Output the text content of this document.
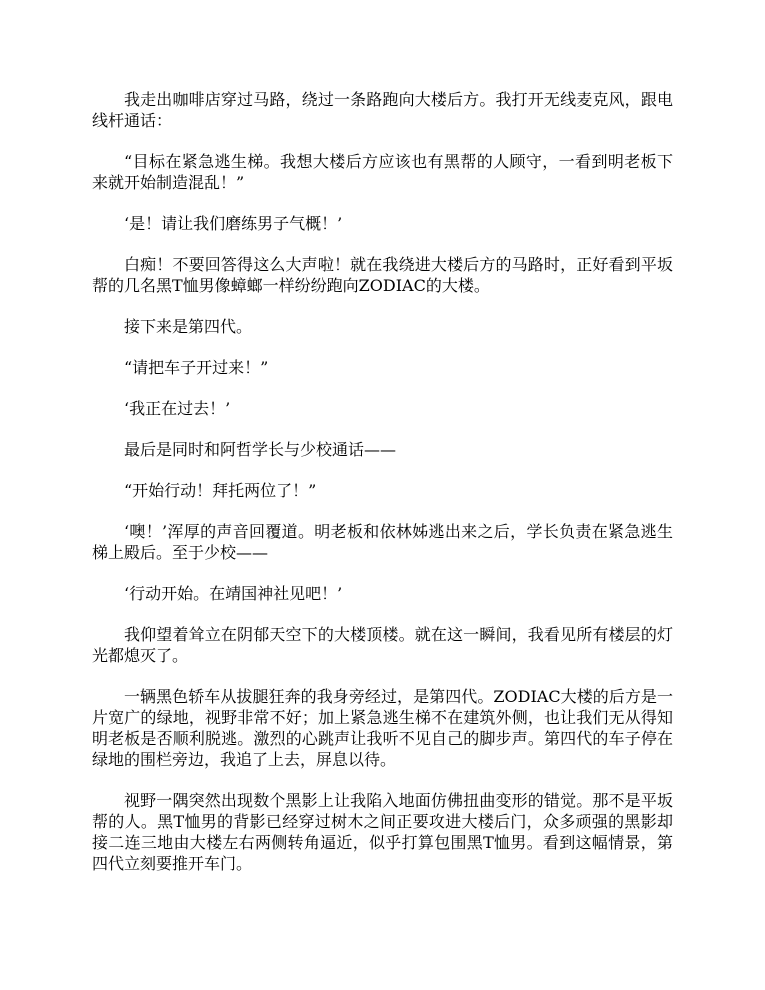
我走出咖啡店穿过马路，绕过一条路跑向大楼后方。我打开无线麦克风，跟电线杆通话：

“目标在紧急逃生梯。我想大楼后方应该也有黑帮的人顾守，一看到明老板下来就开始制造混乱！”

‘是！请让我们磨练男子气概！’

白痴！不要回答得这么大声啦！就在我绕进大楼后方的马路时，正好看到平坂帮的几名黑T恤男像蟑螂一样纷纷跑向ZODIAC的大楼。

接下来是第四代。

“请把车子开过来！”

‘我正在过去！’

最后是同时和阿哲学长与少校通话——

“开始行动！拜托两位了！”

‘噢！’浑厚的声音回覆道。明老板和依林姊逃出来之后，学长负责在紧急逃生梯上殿后。至于少校——

‘行动开始。在靖国神社见吧！’

我仰望着耸立在阴郁天空下的大楼顶楼。就在这一瞬间，我看见所有楼层的灯光都熄灭了。

一辆黑色轿车从拔腿狂奔的我身旁经过，是第四代。ZODIAC大楼的后方是一片宽广的绿地，视野非常不好；加上紧急逃生梯不在建筑外侧，也让我们无从得知明老板是否顺利脱逃。激烈的心跳声让我听不见自己的脚步声。第四代的车子停在绿地的围栏旁边，我追了上去，屏息以待。

视野一隅突然出现数个黑影上让我陷入地面仿佛扭曲变形的错觉。那不是平坂帮的人。黑T恤男的背影已经穿过树木之间正要攻进大楼后门，众多顽强的黑影却接二连三地由大楼左右两侧转角逼近，似乎打算包围黑T恤男。看到这幅情景，第四代立刻要推开车门。
